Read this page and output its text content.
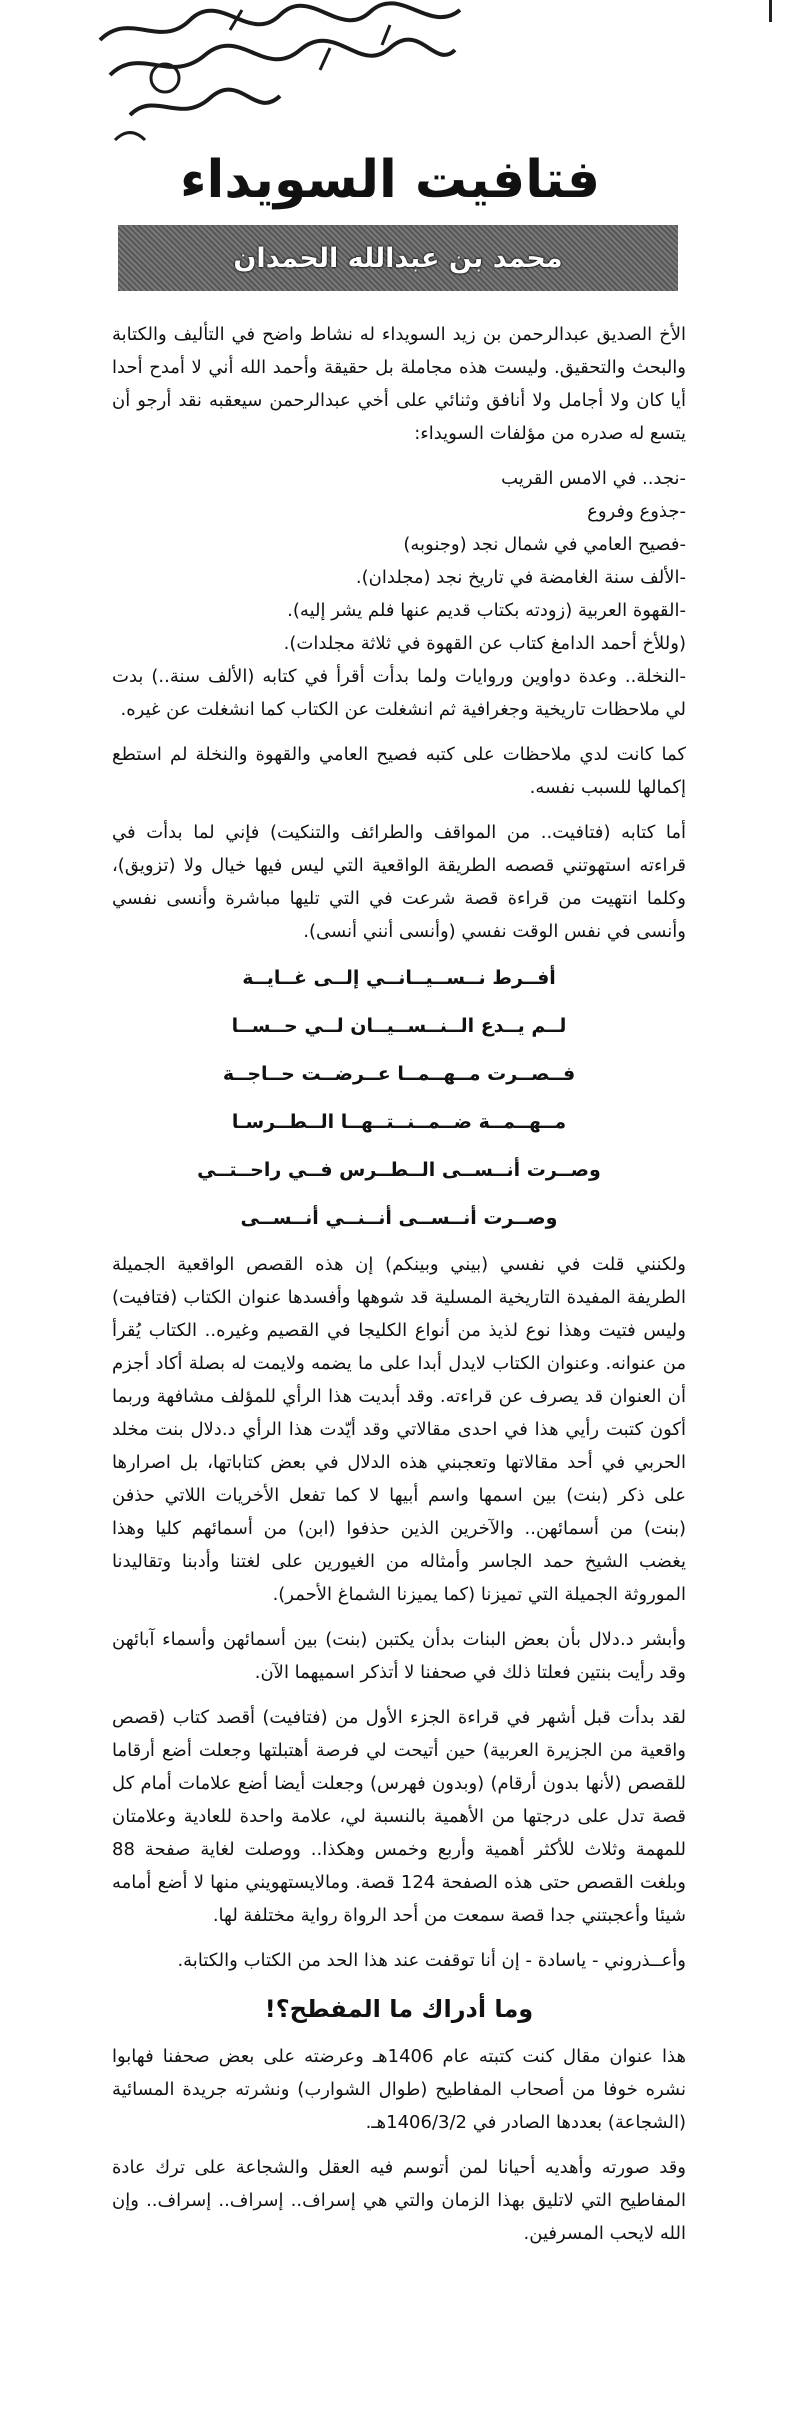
فتافيت السويداء
محمد بن عبدالله الحمدان

الأخ الصديق عبدالرحمن بن زيد السويداء له نشاط واضح في التأليف والكتابة والبحث والتحقيق. وليست هذه مجاملة بل حقيقة وأحمد الله أني لا أمدح أحدا أيا كان ولا أجامل ولا أنافق وثنائي على أخي عبدالرحمن سيعقبه نقد أرجو أن يتسع له صدره من مؤلفات السويداء:

-نجد.. في الامس القريب
-جذوع وفروع
-فصيح العامي في شمال نجد (وجنوبه)
-الألف سنة الغامضة في تاريخ نجد (مجلدان).
-القهوة العربية (زودته بكتاب قديم عنها فلم يشر إليه).
(وللأخ أحمد الدامغ كتاب عن القهوة في ثلاثة مجلدات).
-النخلة.. وعدة دواوين وروايات ولما بدأت أقرأ في كتابه (الألف سنة..) بدت لي ملاحظات تاريخية وجغرافية ثم انشغلت عن الكتاب كما انشغلت عن غيره.

كما كانت لدي ملاحظات على كتبه فصيح العامي والقهوة والنخلة لم استطع إكمالها للسبب نفسه.

أما كتابه (فتافيت.. من المواقف والطرائف والتنكيت) فإني لما بدأت في قراءته استهوتني قصصه الطريقة الواقعية التي ليس فيها خيال ولا (تزويق)، وكلما انتهيت من قراءة قصة شرعت في التي تليها مباشرة وأنسى نفسي وأنسى في نفس الوقت نفسي (وأنسى أنني أنسى).

أفــرط نــســيــانــي إلــى غــايــة

لــم يــدع الــنــســيــان لــي حــســا

فــصــرت مــهــمــا عــرضــت حــاجــة

مــهــمــة ضــمــنــتــهــا الــطــرسـا

وصــرت أنــســى الــطــرس فــي راحــتــي

وصــرت أنــســى أنــنــي أنــســى

ولكنني قلت في نفسي (بيني وبينكم) إن هذه القصص الواقعية الجميلة الطريفة المفيدة التاريخية المسلية قد شوهها وأفسدها عنوان الكتاب (فتافيت) وليس فتيت وهذا نوع لذيذ من أنواع الكليجا في القصيم وغيره.. الكتاب يُقرأ من عنوانه. وعنوان الكتاب لايدل أبدا على ما يضمه ولايمت له بصلة أكاد أجزم أن العنوان قد يصرف عن قراءته. وقد أبديت هذا الرأي للمؤلف مشافهة وربما أكون كتبت رأيي هذا في احدى مقالاتي وقد أيّدت هذا الرأي د.دلال بنت مخلد الحربي في أحد مقالاتها وتعجبني هذه الدلال في بعض كتاباتها، بل اصرارها على ذكر (بنت) بين اسمها واسم أبيها لا كما تفعل الأخريات اللاتي حذفن (بنت) من أسمائهن.. والآخرين الذين حذفوا (ابن) من أسمائهم كليا وهذا يغضب الشيخ حمد الجاسر وأمثاله من الغيورين على لغتنا وأدبنا وتقاليدنا الموروثة الجميلة التي تميزنا (كما يميزنا الشماغ الأحمر).

وأبشر د.دلال بأن بعض البنات بدأن يكتبن (بنت) بين أسمائهن وأسماء آبائهن وقد رأيت بنتين فعلتا ذلك في صحفنا لا أتذكر اسميهما الآن.

لقد بدأت قبل أشهر في قراءة الجزء الأول من (فتافيت) أقصد كتاب (قصص واقعية من الجزيرة العربية) حين أتيحت لي فرصة أهتبلتها وجعلت أضع أرقاما للقصص (لأنها بدون أرقام) (وبدون فهرس) وجعلت أيضا أضع علامات أمام كل قصة تدل على درجتها من الأهمية بالنسبة لي، علامة واحدة للعادية وعلامتان للمهمة وثلاث للأكثر أهمية وأربع وخمس وهكذا.. ووصلت لغاية صفحة 88 وبلغت القصص حتى هذه الصفحة 124 قصة. ومالايستهويني منها لا أضع أمامه شيئا وأعجبتني جدا قصة سمعت من أحد الرواة رواية مختلفة لها.

وأعــذروني - ياسادة - إن أنا توقفت عند هذا الحد من الكتاب والكتابة.

وما أدراك ما المفطح؟!

هذا عنوان مقال كنت كتبته عام 1406هـ وعرضته على بعض صحفنا فهابوا نشره خوفا من أصحاب المفاطيح (طوال الشوارب) ونشرته جريدة المسائية (الشجاعة) بعددها الصادر في 1406/3/2هـ.

وقد صورته وأهديه أحيانا لمن أتوسم فيه العقل والشجاعة على ترك عادة المفاطيح التي لاتليق بهذا الزمان والتي هي إسراف.. إسراف.. إسراف.. وإن الله لايحب المسرفين.
